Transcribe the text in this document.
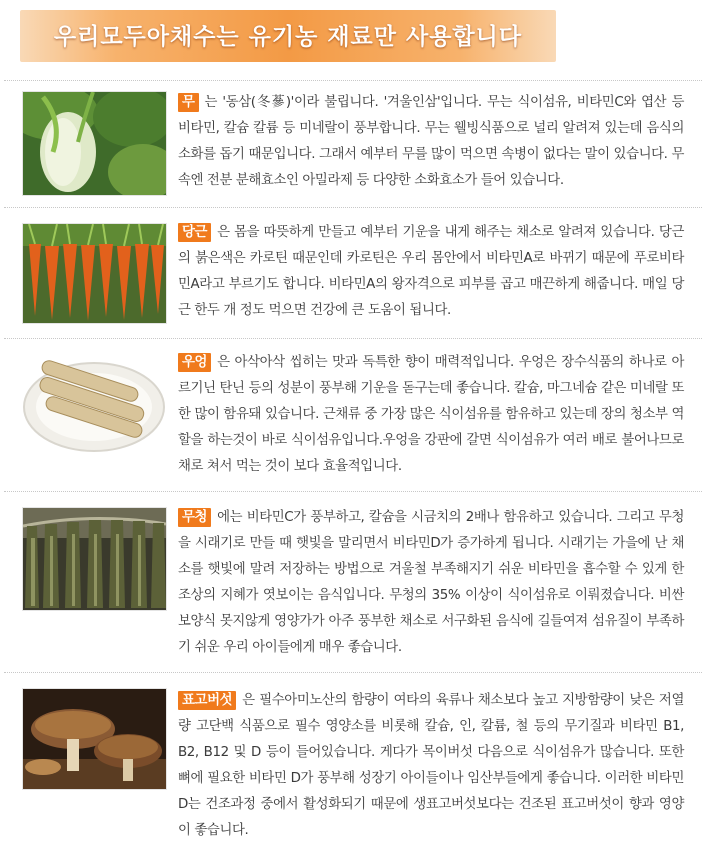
우리모두아채수는 유기농 재료만 사용합니다
무 는 '동삼(冬蔘)'이라 불립니다. '겨울인삼'입니다. 무는 식이섬유, 비타민C와 엽산 등 비타민, 칼슘 칼륨 등 미네랄이 풍부합니다. 무는 웰빙식품으로 널리 알려져 있는데 음식의 소화를 돕기 때문입니다. 그래서 예부터 무를 많이 먹으면 속병이 없다는 말이 있습니다. 무 속엔 전분 분해효소인 아밀라제 등 다양한 소화효소가 들어 있습니다.
당근 은 몸을 따뜻하게 만들고 예부터 기운을 내게 해주는 채소로 알려져 있습니다. 당근의 붉은색은 카로틴 때문인데 카로틴은 우리 몸안에서 비타민A로 바뀌기 때문에 푸로비타민A라고 부르기도 합니다. 비타민A의 왕자격으로 피부를 곱고 매끈하게 해줍니다. 매일 당근 한두 개 정도 먹으면 건강에 큰 도움이 됩니다.
우엉 은 아삭아삭 씹히는 맛과 독특한 향이 매력적입니다. 우엉은 장수식품의 하나로 아르기닌 탄닌 등의 성분이 풍부해 기운을 돋구는데 좋습니다. 칼슘, 마그네슘 같은 미네랄 또한 많이 함유돼 있습니다. 근채류 중 가장 많은 식이섬유를 함유하고 있는데 장의 청소부 역할을 하는것이 바로 식이섬유입니다.우엉을 강판에 갈면 식이섬유가 여러 배로 불어나므로 채로 쳐서 먹는 것이 보다 효율적입니다.
무청 에는 비타민C가 풍부하고, 칼슘을 시금치의 2배나 함유하고 있습니다. 그리고 무청을 시래기로 만들 때 햇빛을 말리면서 비타민D가 증가하게 됩니다. 시래기는 가을에 난 채소를 햇빛에 말려 저장하는 방법으로 겨울철 부족해지기 쉬운 비타민을 흡수할 수 있게 한 조상의 지혜가 엿보이는 음식입니다. 무청의 35% 이상이 식이섬유로 이뤄졌습니다. 비싼 보양식 못지않게 영양가가 아주 풍부한 채소로 서구화된 음식에 길들여져 섬유질이 부족하기 쉬운 우리 아이들에게 매우 좋습니다.
표고버섯 은 필수아미노산의 함량이 여타의 육류나 채소보다 높고 지방함량이 낮은 저열량 고단백 식품으로 필수 영양소를 비롯해 칼슘, 인, 칼륨, 철 등의 무기질과 비타민 B1, B2, B12 및 D 등이 들어있습니다. 게다가 목이버섯 다음으로 식이섬유가 많습니다. 또한 뼈에 필요한 비타민 D가 풍부해 성장기 아이들이나 임산부들에게 좋습니다. 이러한 비타민D는 건조과정 중에서 활성화되기 때문에 생표고버섯보다는 건조된 표고버섯이 향과 영양이 좋습니다.
